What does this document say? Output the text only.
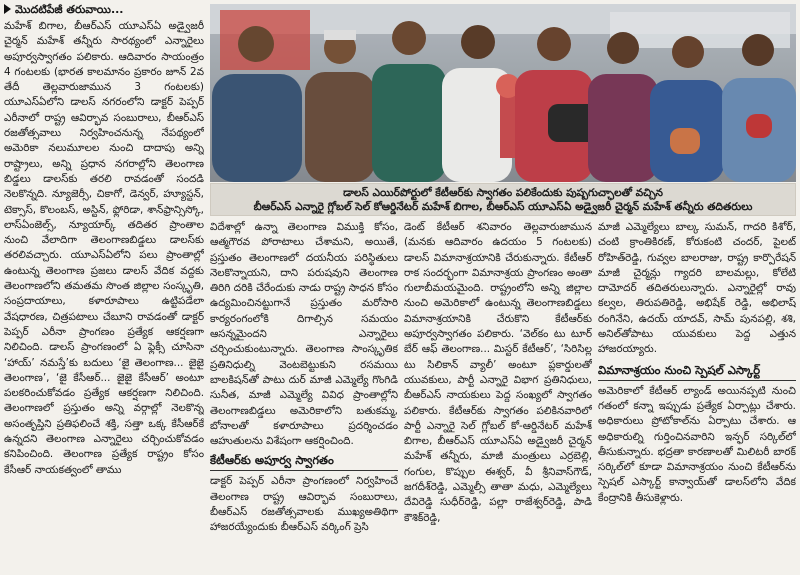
మొదటిపేజీ తరువాయి...

మహేశ్ బిగాల, బీఆర్ఎస్ యూఎస్ఏ అడ్వైజరీ చైర్మన్ మహేశ్ తన్నీరు సారథ్యంలో ఎన్నారైలు అపూర్వస్వాగతం పలికారు. ఆదివారం సాయంత్రం 4 గంటలకు (భారత కాలమానం ప్రకారం జూన్ 2వ తేదీ తెల్లవారుజామున 3 గంటలకు) యూఎస్ఏలోని డాలస్ నగరంలోని డాక్టర్ పెప్పర్ ఎరీనాలో రాష్ట్ర ఆవిర్భావ సంబురాలు, బీఆర్ఎస్ రజతోత్సవాలు నిర్వహించనున్న నేపథ్యంలో అమెరికా నలుమూలల నుంచి దాదాపు అన్ని రాష్ట్రాలు, అన్ని ప్రధాన నగరాల్లోని తెలంగాణ బిడ్డలు డాలస్‌కు తరలి రావడంతో సందడి నెలకొన్నది. న్యూజెర్సీ, చికాగో, డెన్వర్, హ్యూస్టన్, టెక్సాస్, కొలంబస్, అస్టిన్, ఫ్లోరిడా, శాన్‌ఫ్రాన్సిస్కో, లాస్‌ఏంజెల్స్, న్యూయార్క్ తదితర ప్రాంతాల నుంచి వేలాదిగా తెలంగాణబిడ్డలు డాలస్‌కు తరలివచ్చారు. యూఎస్ఏలోని పలు ప్రాంతాల్లో ఉంటున్న తెలంగాణ ప్రజలు డాలస్ వేదిక వద్దకు తెలంగాణలోని తమతమ సొంత జిల్లాల సంస్కృతి, సంప్రదాయాలు, కళారూపాలు ఉట్టిపడేలా వేషధారణ, చిత్రపటాలు చేబూని రావడంతో డాక్టర్ పెప్పర్ ఎరీనా ప్రాంగణం ప్రత్యేక ఆకర్షణగా నిలిచింది. డాలస్ ప్రాంగణంలో ఏ ఫ్లెక్సీ చూసినా ‘హాయ్’ నమస్తే’కు బదులు ‘జై తెలంగాణ... జైజై తెలంగాణ’, ‘జై కేసీఆర్... జైజై కేసీఆర్’ అంటూ పలకరించుకోవడం ప్రత్యేక ఆకర్షణగా నిలిచింది. తెలంగాణలో ప్రస్తుతం అన్ని వర్గాల్లో నెలకొన్న అసంతృప్తిని ప్రతిఫలించే శక్తి, సత్తా ఒక్క కేసీఆర్‌కే ఉన్నదని తెలంగాణ ఎన్నారైలు చర్చించుకోవడం కనిపించింది. తెలంగాణ ప్రత్యేక రాష్ట్రం కోసం కేసీఆర్ నాయకత్వంలో తాము

డాలస్ ఎయిర్‌పోర్టులో కేటీఆర్‌కు స్వాగతం పలికేందుకు పుష్పగుచ్ఛాలతో వచ్చిన
బీఆర్ఎస్ ఎన్నారై గ్లోబల్ సెల్ కోఆర్డినేటర్ మహేశ్ బిగాల, బీఆర్ఎస్ యూఎస్ఏ అడ్వైజరీ చైర్మన్ మహేశ్ తన్నీరు తదితరులు

విదేశాల్లో ఉన్నా తెలంగాణ విముక్తి కోసం, ఆత్మగౌరవ పోరాటాలు చేశామని, అయితే, ప్రస్తుతం తెలంగాణలో దయనీయ పరిస్థితులు నెలకొన్నాయని, దాని పరుషవుని తెలంగాణ తిరిగి దరికి చేరేందుకు నాడు రాష్ట్ర సాధన కోసం ఉద్యమించినట్టుగానే ప్రస్తుతం మరోసారి కార్యరంగంలోకి దిగాల్సిన సమయం ఆసన్నమైందని ఎన్నారైలు చర్చించుకుంటున్నారు. తెలంగాణ సాంస్కృతిక ప్రతినిధుల్ని వెంటబెట్టుకుని రసమయి బాలకిషన్‌తో పాటు దుర్ మాజీ ఎమ్మెల్యే గొంగిడి సునీత, మాజీ ఎమ్మెల్యే వివిధ ప్రాంతాల్లోని తెలంగాణబిడ్డలు అమెరికాలోని బతుకమ్మ, బోనాలతో కళారూపాలు ప్రదర్శించడం ఆహుతులను విశేషంగా ఆకర్షించింది.

కేటీఆర్‌కు అపూర్వ స్వాగతం

డాక్టర్ పెప్పర్ ఎరీనా ప్రాంగణంలో నిర్వహించే తెలంగాణ రాష్ట్ర ఆవిర్భావ సంబురాలు, బీఆర్ఎస్ రజతోత్సవాలకు ముఖ్యఅతిథిగా హాజరయ్యేందుకు బీఆర్ఎస్ వర్కింగ్ ప్రెసి

డెంట్ కేటీఆర్ శనివారం తెల్లవారుజామున (మనకు ఆదివారం ఉదయం 5 గంటలకు) డాలస్ విమానాశ్రయానికి చేరుకున్నారు. కేటీఆర్ రాక సందర్భంగా విమానాశ్రయ ప్రాంగణం అంతా గులాబీమయమైంది. రాష్ట్రంలోని అన్ని జిల్లాల నుంచి అమెరికాలో ఉంటున్న తెలంగాణబిడ్డలు విమానాశ్రయానికి చేరుకొని కేటీఆర్‌కు అపూర్వస్వాగతం పలికారు. ‘వెల్‌కం టు టూర్ బేర్ ఆఫ్ తెలంగాణ... మిస్టర్ కేటీఆర్’, ‘సిరిసిల్ల టు సిలికాన్ వ్యాలీ’ అంటూ ప్లకార్డులతో యువకులు, పార్టీ ఎన్నారై విభాగ ప్రతినిధులు, బీఆర్ఎస్ నాయకులు పెద్ద సంఖ్యలో స్వాగతం పలికారు. కేటీఆర్‌కు స్వాగతం పలికినవారిలో పార్టీ ఎన్నారై సెల్ గ్లోబల్ కో-ఆర్డినేటర్ మహేశ్ బిగాల, బీఆర్ఎస్ యూఎస్ఏ అడ్వైజరీ చైర్మన్ మహేశ్ తన్నీరు, మాజీ మంత్రులు ఎర్రబెల్లి, గంగుల, కొప్పుల ఈశ్వర్, వీ శ్రీనివాస్‌గౌడ్, జగదీశ్‌రెడ్డి, ఎమ్మెల్సీ తాతా మధు, ఎమ్మెల్యేలు దేవిరెడ్డి సుధీర్‌రెడ్డి, పల్లా రాజేశ్వర్‌రెడ్డి, పాడి కౌశిక్‌రెడ్డి,

మాజీ ఎమ్మెల్యేలు బాల్క సుమన్, గాదరి కిశోర్, చంటి క్రాంతికిరణ్, కోరుకంటి చందర్, పైలట్ రోహిత్‌రెడ్డి, గువ్వల బాలరాజు, రాష్ట్ర కార్పొరేషన్ మాజీ చైర్మన్లు గ్యాదరి బాలమల్లు, కోలేటి దామోదర్ తదితరులున్నారు. ఎన్నారైల్లో రావు కల్వల, తిరుపతిరెడ్డి, అభిషేక్ రెడ్డి, అభిలాష్ రంగినేని, ఉదయ్ యాదవ్, సామ్ పునపల్లి, శశి, అనిల్‌తోపాటు యువకులు పెద్ద ఎత్తున హాజరయ్యారు.

విమానాశ్రయం నుంచి స్పెషల్ ఎస్కార్ట్

అమెరికాలో కేటీఆర్ ల్యాండ్ అయినప్పటి నుంచి గతంలో కన్నా ఇప్పుడు ప్రత్యేక ఏర్పాట్లు చేశారు. అధికారులు ప్రోటోకాల్‌ను ఏర్పాటు చేశారు. ఆ అధికారుల్ని గుర్తించినవారిని ఇన్ఫర్ సర్కిల్‌లో తీసుకున్నారు. భద్రతా కారణాలతో మిలిటరీ బారక్ సర్కిల్‌లో కూడా విమానాశ్రయం నుంచి కేటీఆర్‌ను స్పెషల్ ఎస్కార్ట్ కాన్వాయ్‌తో డాలస్‌లోని వేదిక కేంద్రానికి తీసుకెళ్లారు.
